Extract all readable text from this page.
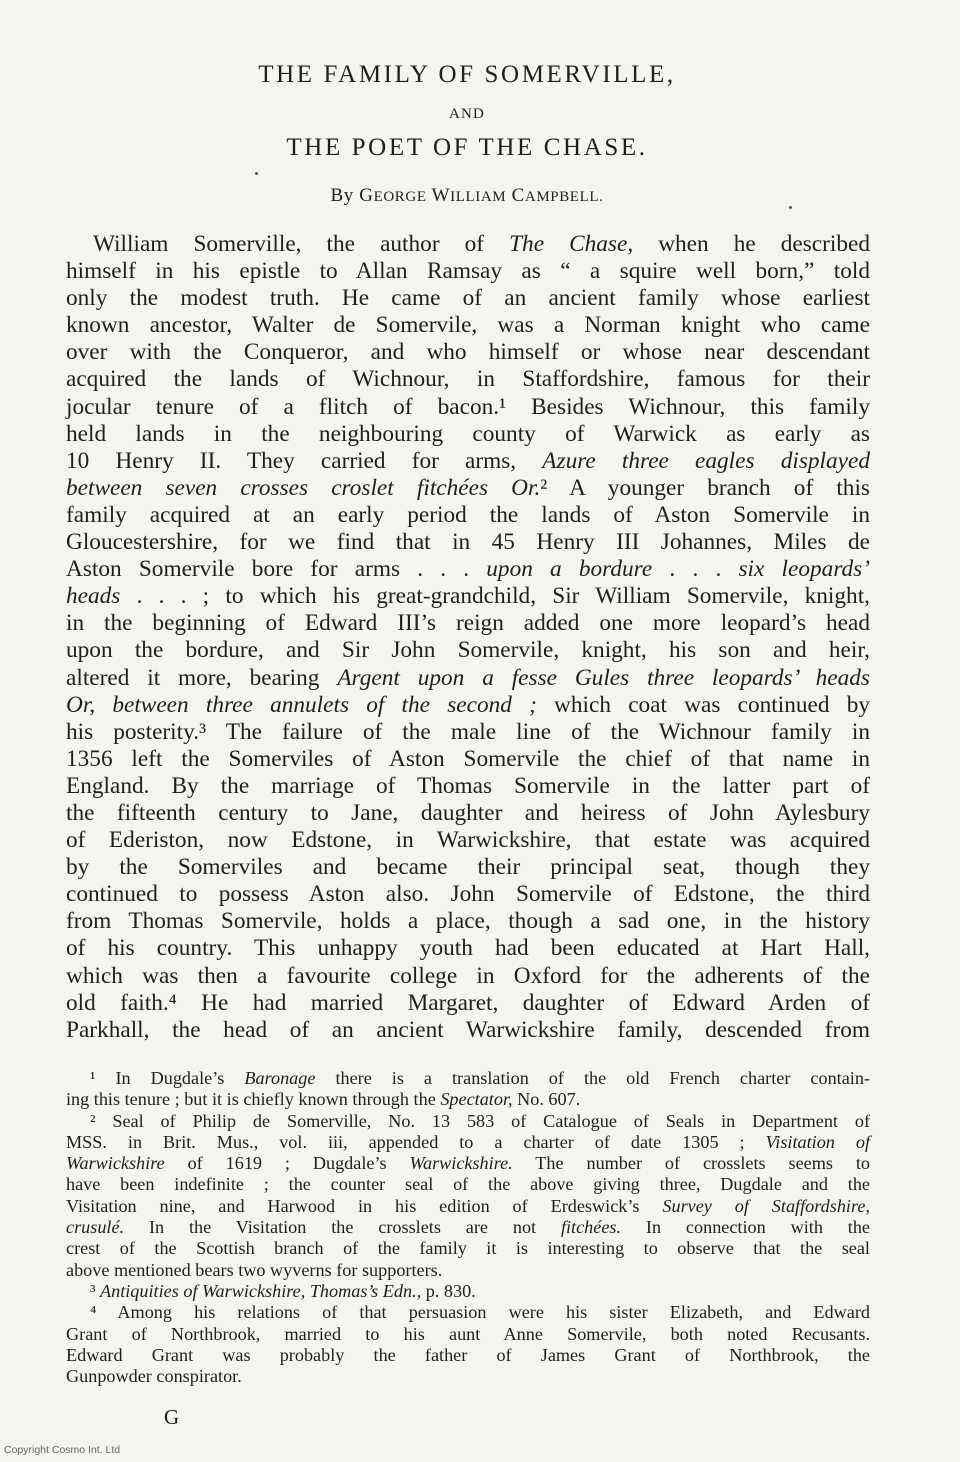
THE FAMILY OF SOMERVILLE,
AND
THE POET OF THE CHASE.
By GEORGE WILLIAM CAMPBELL.
William Somerville, the author of The Chase, when he described
himself in his epistle to Allan Ramsay as “ a squire well born,” told
only the modest truth. He came of an ancient family whose earliest
known ancestor, Walter de Somervile, was a Norman knight who came
over with the Conqueror, and who himself or whose near descendant
acquired the lands of Wichnour, in Staffordshire, famous for their
jocular tenure of a flitch of bacon.¹ Besides Wichnour, this family
held lands in the neighbouring county of Warwick as early as
10 Henry II. They carried for arms, Azure three eagles displayed
between seven crosses croslet fitchées Or.² A younger branch of this
family acquired at an early period the lands of Aston Somervile in
Gloucestershire, for we find that in 45 Henry III Johannes, Miles de
Aston Somervile bore for arms . . . upon a bordure . . . six leopards’
heads . . . ; to which his great-grandchild, Sir William Somervile, knight,
in the beginning of Edward III’s reign added one more leopard’s head
upon the bordure, and Sir John Somervile, knight, his son and heir,
altered it more, bearing Argent upon a fesse Gules three leopards’ heads
Or, between three annulets of the second ; which coat was continued by
his posterity.³ The failure of the male line of the Wichnour family in
1356 left the Somerviles of Aston Somervile the chief of that name in
England. By the marriage of Thomas Somervile in the latter part of
the fifteenth century to Jane, daughter and heiress of John Aylesbury
of Ederiston, now Edstone, in Warwickshire, that estate was acquired
by the Somerviles and became their principal seat, though they
continued to possess Aston also. John Somervile of Edstone, the third
from Thomas Somervile, holds a place, though a sad one, in the history
of his country. This unhappy youth had been educated at Hart Hall,
which was then a favourite college in Oxford for the adherents of the
old faith.⁴ He had married Margaret, daughter of Edward Arden of
Parkhall, the head of an ancient Warwickshire family, descended from
¹ In Dugdale’s Baronage there is a translation of the old French charter contain-
ing this tenure ; but it is chiefly known through the Spectator, No. 607.
² Seal of Philip de Somerville, No. 13 583 of Catalogue of Seals in Department of
MSS. in Brit. Mus., vol. iii, appended to a charter of date 1305 ; Visitation of
Warwickshire of 1619 ; Dugdale’s Warwickshire. The number of crosslets seems to
have been indefinite ; the counter seal of the above giving three, Dugdale and the
Visitation nine, and Harwood in his edition of Erdeswick’s Survey of Staffordshire,
crusulé. In the Visitation the crosslets are not fitchées. In connection with the
crest of the Scottish branch of the family it is interesting to observe that the seal
above mentioned bears two wyverns for supporters.
³ Antiquities of Warwickshire, Thomas’s Edn., p. 830.
⁴ Among his relations of that persuasion were his sister Elizabeth, and Edward
Grant of Northbrook, married to his aunt Anne Somervile, both noted Recusants.
Edward Grant was probably the father of James Grant of Northbrook, the
Gunpowder conspirator.
G
Copyright Cosmo Int. Ltd
